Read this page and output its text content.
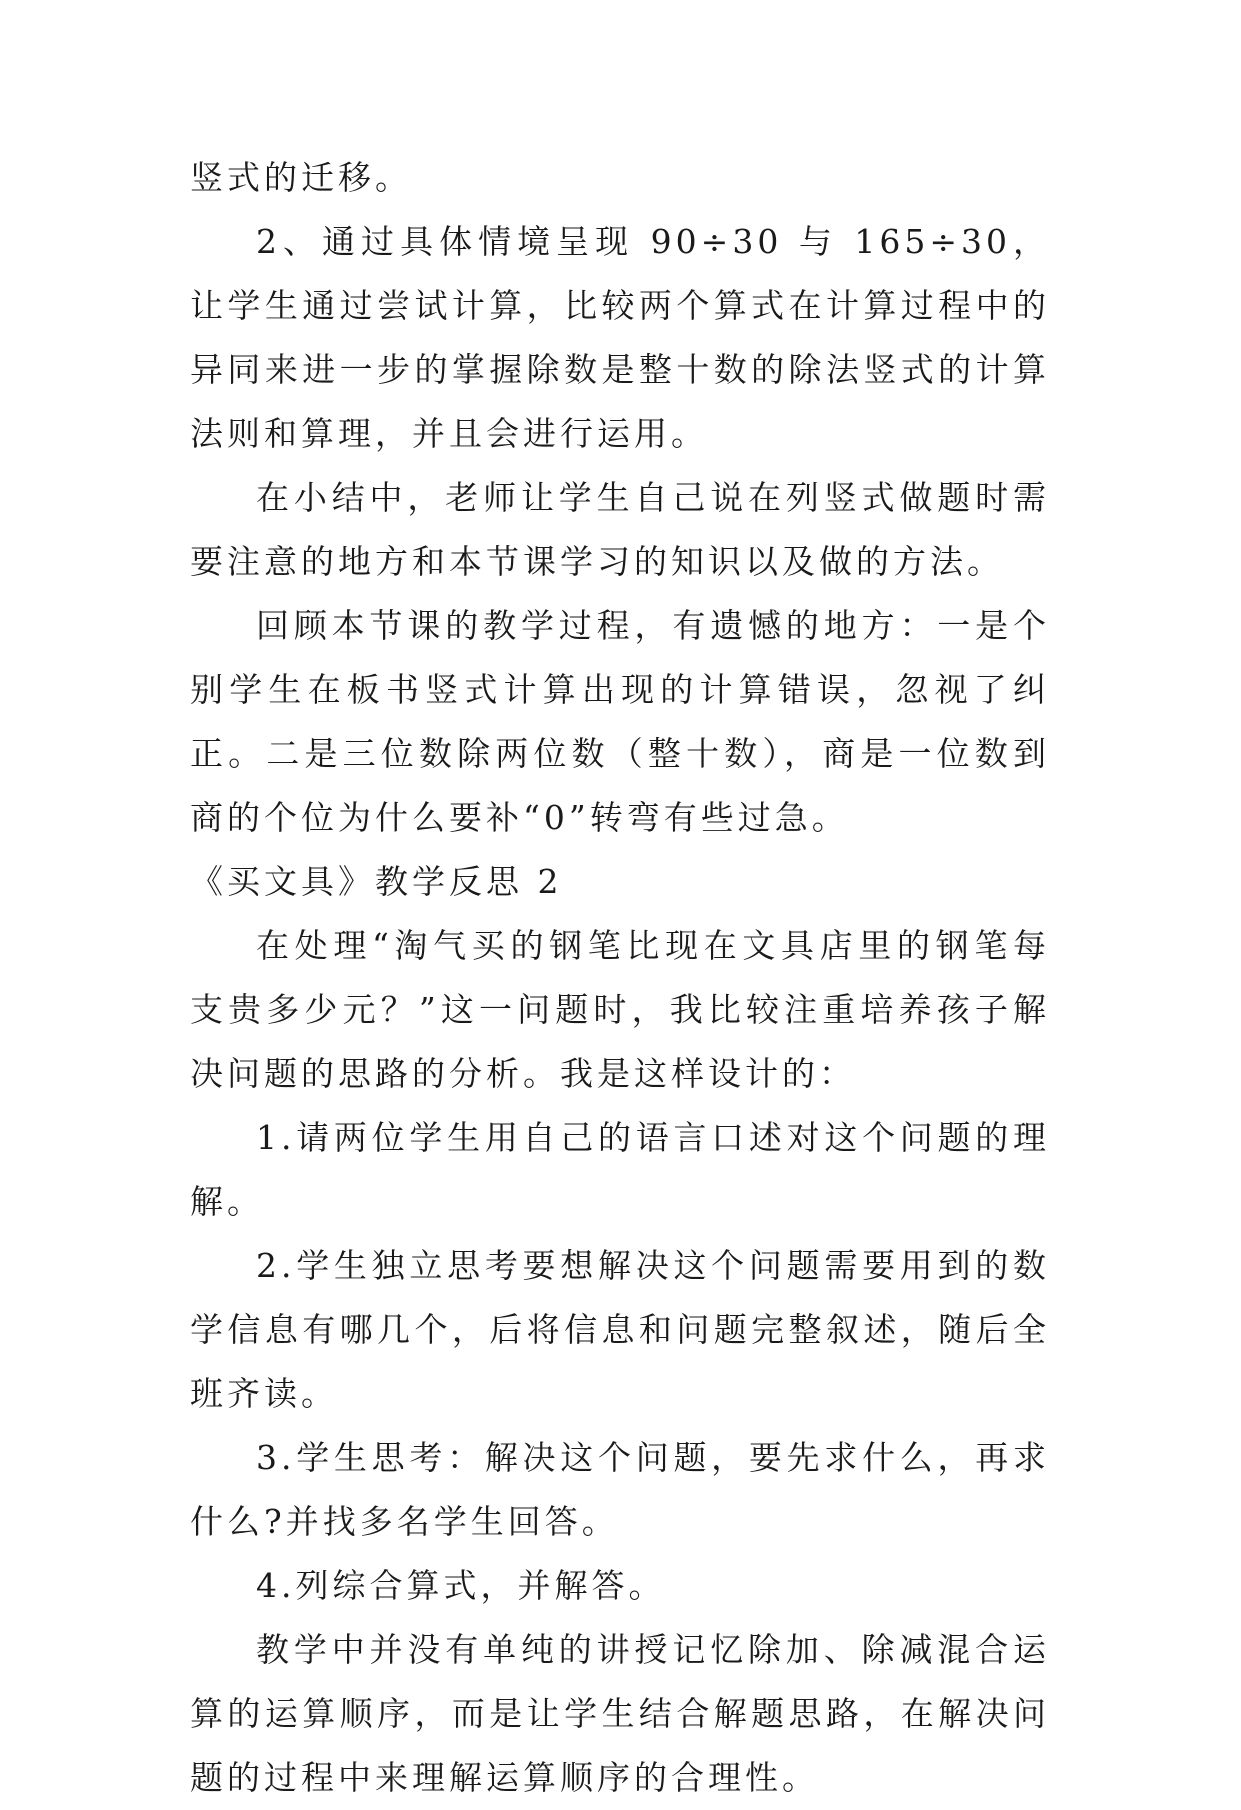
竖式的迁移。

2、通过具体情境呈现 90÷30 与 165÷30，让学生通过尝试计算，比较两个算式在计算过程中的异同来进一步的掌握除数是整十数的除法竖式的计算法则和算理，并且会进行运用。

在小结中，老师让学生自己说在列竖式做题时需要注意的地方和本节课学习的知识以及做的方法。

回顾本节课的教学过程，有遗憾的地方：一是个别学生在板书竖式计算出现的计算错误，忽视了纠正。二是三位数除两位数（整十数），商是一位数到商的个位为什么要补“0”转弯有些过急。

《买文具》教学反思 2

在处理“淘气买的钢笔比现在文具店里的钢笔每支贵多少元？”这一问题时，我比较注重培养孩子解决问题的思路的分析。我是这样设计的：

1.请两位学生用自己的语言口述对这个问题的理解。

2.学生独立思考要想解决这个问题需要用到的数学信息有哪几个，后将信息和问题完整叙述，随后全班齐读。

3.学生思考：解决这个问题，要先求什么，再求什么?并找多名学生回答。

4.列综合算式，并解答。

教学中并没有单纯的讲授记忆除加、除减混合运算的运算顺序，而是让学生结合解题思路，在解决问题的过程中来理解运算顺序的合理性。
